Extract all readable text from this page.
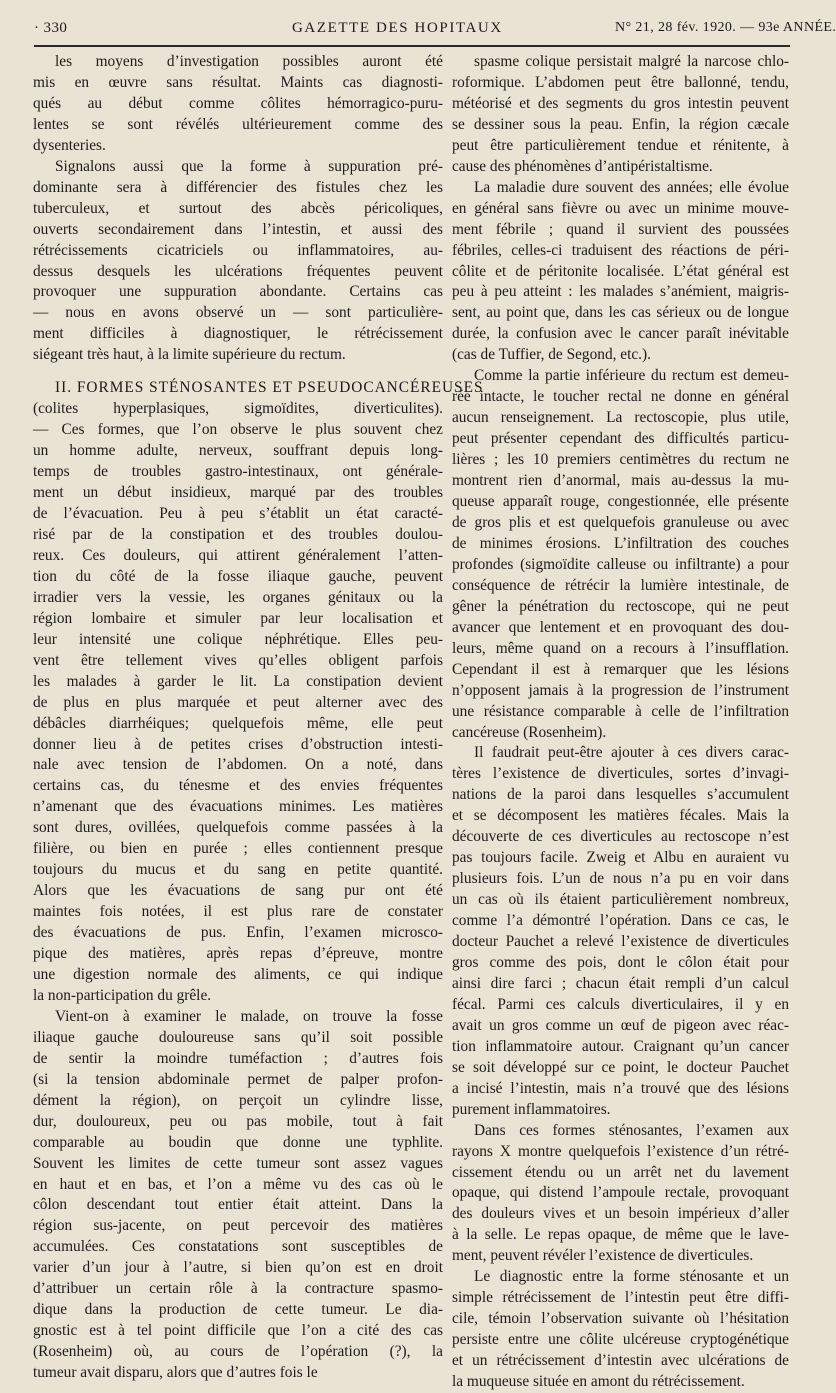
· 330	GAZETTE DES HOPITAUX	N° 21, 28 fév. 1920. — 93e ANNÉE.

les moyens d’investigation possibles auront été
mis en œuvre sans résultat. Maints cas diagnosti-
qués au début comme côlites hémorragico-puru-
lentes se sont révélés ultérieurement comme des
dysenteries.

Signalons aussi que la forme à suppuration pré-
dominante sera à différencier des fistules chez les
tuberculeux, et surtout des abcès péricoliques,
ouverts secondairement dans l’intestin, et aussi des
rétrécissements cicatriciels ou inflammatoires, au-
dessus desquels les ulcérations fréquentes peuvent
provoquer une suppuration abondante. Certains cas
— nous en avons observé un — sont particulière-
ment difficiles à diagnostiquer, le rétrécissement
siégeant très haut, à la limite supérieure du rectum.

II. FORMES STÉNOSANTES ET PSEUDOCANCÉREUSES
(colites hyperplasiques, sigmoïdites, diverticulites).
— Ces formes, que l’on observe le plus souvent chez
un homme adulte, nerveux, souffrant depuis long-
temps de troubles gastro-intestinaux, ont générale-
ment un début insidieux, marqué par des troubles
de l’évacuation. Peu à peu s’établit un état caracté-
risé par de la constipation et des troubles doulou-
reux. Ces douleurs, qui attirent généralement l’atten-
tion du côté de la fosse iliaque gauche, peuvent
irradier vers la vessie, les organes génitaux ou la
région lombaire et simuler par leur localisation et
leur intensité une colique néphrétique. Elles peu-
vent être tellement vives qu’elles obligent parfois
les malades à garder le lit. La constipation devient
de plus en plus marquée et peut alterner avec des
débâcles diarrhéiques; quelquefois même, elle peut
donner lieu à de petites crises d’obstruction intesti-
nale avec tension de l’abdomen. On a noté, dans
certains cas, du ténesme et des envies fréquentes
n’amenant que des évacuations minimes. Les matières
sont dures, ovillées, quelquefois comme passées à la
filière, ou bien en purée ; elles contiennent presque
toujours du mucus et du sang en petite quantité.
Alors que les évacuations de sang pur ont été
maintes fois notées, il est plus rare de constater
des évacuations de pus. Enfin, l’examen microsco-
pique des matières, après repas d’épreuve, montre
une digestion normale des aliments, ce qui indique
la non-participation du grêle.

Vient-on à examiner le malade, on trouve la fosse
iliaque gauche douloureuse sans qu’il soit possible
de sentir la moindre tuméfaction ; d’autres fois
(si la tension abdominale permet de palper profon-
dément la région), on perçoit un cylindre lisse,
dur, douloureux, peu ou pas mobile, tout à fait
comparable au boudin que donne une typhlite.
Souvent les limites de cette tumeur sont assez vagues
en haut et en bas, et l’on a même vu des cas où le
côlon descendant tout entier était atteint. Dans la
région sus-jacente, on peut percevoir des matières
accumulées. Ces constatations sont susceptibles de
varier d’un jour à l’autre, si bien qu’on est en droit
d’attribuer un certain rôle à la contracture spasmo-
dique dans la production de cette tumeur. Le dia-
gnostic est à tel point difficile que l’on a cité des cas
(Rosenheim) où, au cours de l’opération (?), la
tumeur avait disparu, alors que d’autres fois le

spasme colique persistait malgré la narcose chlo-
roformique. L’abdomen peut être ballonné, tendu,
météorisé et des segments du gros intestin peuvent
se dessiner sous la peau. Enfin, la région cæcale
peut être particulièrement tendue et rénitente, à
cause des phénomènes d’antipéristaltisme.

La maladie dure souvent des années; elle évolue
en général sans fièvre ou avec un minime mouve-
ment fébrile ; quand il survient des poussées
fébriles, celles-ci traduisent des réactions de péri-
côlite et de péritonite localisée. L’état général est
peu à peu atteint : les malades s’anémient, maigris-
sent, au point que, dans les cas sérieux ou de longue
durée, la confusion avec le cancer paraît inévitable
(cas de Tuffier, de Segond, etc.).

Comme la partie inférieure du rectum est demeu-
rée intacte, le toucher rectal ne donne en général
aucun renseignement. La rectoscopie, plus utile,
peut présenter cependant des difficultés particu-
lières ; les 10 premiers centimètres du rectum ne
montrent rien d’anormal, mais au-dessus la mu-
queuse apparaît rouge, congestionnée, elle présente
de gros plis et est quelquefois granuleuse ou avec
de minimes érosions. L’infiltration des couches
profondes (sigmoïdite calleuse ou infiltrante) a pour
conséquence de rétrécir la lumière intestinale, de
gêner la pénétration du rectoscope, qui ne peut
avancer que lentement et en provoquant des dou-
leurs, même quand on a recours à l’insufflation.
Cependant il est à remarquer que les lésions
n’opposent jamais à la progression de l’instrument
une résistance comparable à celle de l’infiltration
cancéreuse (Rosenheim).

Il faudrait peut-être ajouter à ces divers carac-
tères l’existence de diverticules, sortes d’invagi-
nations de la paroi dans lesquelles s’accumulent
et se décomposent les matières fécales. Mais la
découverte de ces diverticules au rectoscope n’est
pas toujours facile. Zweig et Albu en auraient vu
plusieurs fois. L’un de nous n’a pu en voir dans
un cas où ils étaient particulièrement nombreux,
comme l’a démontré l’opération. Dans ce cas, le
docteur Pauchet a relevé l’existence de diverticules
gros comme des pois, dont le côlon était pour
ainsi dire farci ; chacun était rempli d’un calcul
fécal. Parmi ces calculs diverticulaires, il y en
avait un gros comme un œuf de pigeon avec réac-
tion inflammatoire autour. Craignant qu’un cancer
se soit développé sur ce point, le docteur Pauchet
a incisé l’intestin, mais n’a trouvé que des lésions
purement inflammatoires.

Dans ces formes sténosantes, l’examen aux
rayons X montre quelquefois l’existence d’un rétré-
cissement étendu ou un arrêt net du lavement
opaque, qui distend l’ampoule rectale, provoquant
des douleurs vives et un besoin impérieux d’aller
à la selle. Le repas opaque, de même que le lave-
ment, peuvent révéler l’existence de diverticules.

Le diagnostic entre la forme sténosante et un
simple rétrécissement de l’intestin peut être diffi-
cile, témoin l’observation suivante où l’hésitation
persiste entre une côlite ulcéreuse cryptogénétique
et un rétrécissement d’intestin avec ulcérations de
la muqueuse située en amont du rétrécissement.
